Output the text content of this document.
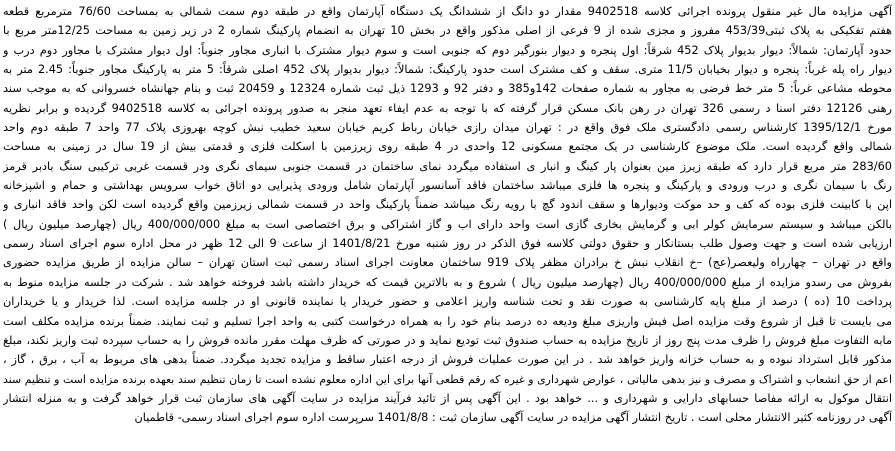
آگهی مزایده مال غیر منقول پرونده اجرائی کلاسه 9402518 مقدار دو دانگ از ششدانگ یک دستگاه آپارتمان واقع در طبقه دوم سمت شمالی به بمساحت 76/60 مترمربع قطعه
هفتم تفکیکی به پلاک ثبتی453/39 مفروز و مجزی شده از 9 فرعی از اصلی مذکور واقع در بخش 10 تهران به انضمام پارکینگ شماره 2 در زیر زمین به مساحت 12/25متر مربع با
حدود آپارتمان: شمالاً: دیوار بدیوار پلاک 452 شرقاً: اول پنجره و دیوار بنورگیر دوم که جنوبی است و سوم دیوار مشترک با انباری مجاور جنوباً: اول دیوار مشترک با مجاور دوم درب و
دیوار راه پله غرباً: پنجره و دیوار بخیابان 11/5 متری. سقف و کف مشترک است حدود پارکینگ: شمالاً: دیوار بدیوار پلاک 452 اصلی شرقاً: 5 متر به پارکینگ مجاور جنوباً: 2.45 متر به
محوطه مشاعی غرباً: 5 متر خط فرضی به مجاور به شماره صفحات 142و385 و دفتر 92 و 1293 ذیل ثبت شماره 12324 و 20459 ثبت و بنام جهانشاه خسروانی که به موجب سند
رهنی 12126 دفتر اسنا د رسمی 326 تهران در رهن بانک مسکن قرار گرفته که با توجه به عدم ایفاء تعهد منجر به صدور پرونده اجرائی به کلاسه 9402518 گردیده و برابر نظریه
مورخ 1395/12/1 کارشناس رسمی دادگستری ملک فوق واقع در : تهران میدان رازی خیابان رباط کریم خیابان سعید خطیب نبش کوچه بهروزی پلاک 77 واحد 7 طبقه دوم واحد
شمالی واقع گردیده است. ملک موضوع کارشناسی در یک مجتمع مسکونی 12 واحدی در 4 طبقه روی زیرزمین با اسکلت فلزی و قدمتی بیش از 19 سال در زمینی به مساحت
283/60 متر مربع قرار دارد که طبقه زیرز مین بعنوان پار کینگ و انبار ی استفاده میگردد نمای ساختمان در قسمت جنوبی سیمای نگری ودر قسمت غربی ترکیبی سنگ بادبر قرمز
رنگ با سیمان نگری و درب ورودی و پارکینگ و پنجره ها فلزی میباشد ساختمان فاقد آسانسور آپارتمان شامل ورودی پذیرایی دو اتاق خواب سرویس بهداشتی و حمام و اشپزخانه
اپن با کابینت فلزی بوده که کف و حد موکت ودیوارها و سقف اندود گچ با رویه رنگ میباشد ضمناً پارکینگ واحد در قسمت شمالی زیرزمین واقع گردیده است لکن واحد فاقد انباری و
بالکن میباشد و سیستم سرمایش کولر ابی و گرمایش بخاری گازی است واحد دارای اب و گاز اشتراکی و برق اختصاصی است به مبلغ 400/000/000 ریال (چهارصد میلیون ریال )
ارزیابی شده است و جهت وصول طلب بستانکار و حقوق دولتی کلاسه فوق الذکر در روز شنبه مورخ 1401/8/21 از ساعت 9 الی 12 ظهر در محل اداره سوم اجرای اسناد رسمی
واقع در تهران – چهارراه ولیعصر(عج) –خ انقلاب نبش خ برادران مظفر پلاک 919 ساختمان معاونت اجرای اسناد رسمی ثبت استان تهران – سالن مزایده از طریق مزایده حضوری
بفروش می رسدو مزایده از مبلغ 400/000/000 ریال (چهارصد میلیون ریال ) شروع و به بالاترین قیمت که خریدار داشته باشد فروخته خواهد شد . شرکت در جلسه مزایده منوط به
پرداخت 10 (ده ) درصد از مبلغ پایه کارشناسی به صورت نقد و تحت شناسه واریز اعلامی و حضور خریدار یا نماینده قانونی او در جلسه مزایده است. لذا خریدار و یا خریداران
می بایست تا قبل از شروع وقت مزایده اصل فیش واریزی مبلغ ودیعه ده درصد بنام خود را به همراه درخواست کتبی به واحد اجرا تسلیم و ثبت نمایند. ضمناً برنده مزایده مکلف است
مابه التفاوت مبلغ فروش را ظرف مدت پنج روز از تاریخ مزایده به حساب صندوق ثبت تودیع نماید و در صورتی که ظرف مهلت مقرر مانده فروش را به حساب سپرده ثبت واریز نکند، مبلغ
مذکور قابل استرداد نبوده و به حساب خزانه واریز خواهد شد . در این صورت عملیات فروش از درجه اعتبار ساقط و مزایده تجدید میگردد. ضمناً بدهی های مربوط به آب ، برق ، گاز ،
اعم از حق انشعاب و اشتراک و مصرف و نیز بدهی مالیاتی ، عوارض شهرداری و غیره که رقم قطعی آنها برای این اداره معلوم نشده است تا زمان تنظیم سند بعهده برنده مزایده است و تنظیم سند
انتقال موکول به ارائه مفاصا حسابهای دارایی و شهرداری و ... خواهد بود . این آگهی پس از تائید فرآیند مزایده در سایت آگهی های سازمان ثبت قرار خواهد گرفت و به منزله انتشار
آگهی در روزنامه کثیر الانتشار محلی است . تاریخ انتشار آگهی مزایده در سایت آگهی سازمان ثبت : 1401/8/8 سرپرست اداره سوم اجرای اسناد رسمی- قاطمیان
